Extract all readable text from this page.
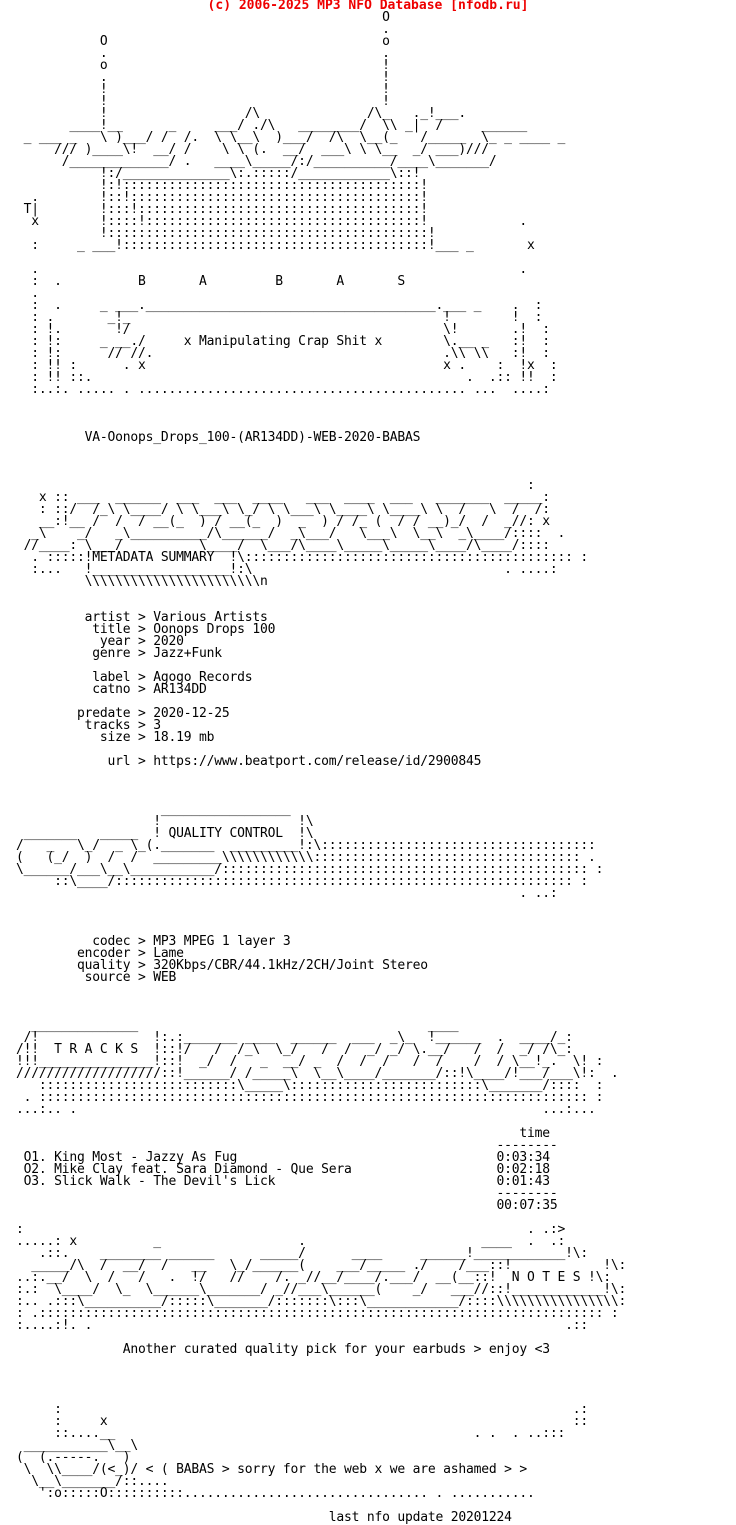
(c) 2006-2025 MP3 NFO Database [nfodb.ru]
O
.
O                                    o
.                                    .
o                                    !
.                                    !
!                                    !
!                                    !
!                  /\              /\_   ._!___.
____!__      _     ___/ ./\   ________/  \\ _|  /     ______
_ ___ _   \ )___/ /  /.  \ \__\  )___/  /\  \__(_   /_____  \_ _ ____ _
/// )____\!  __/ /    \ \ (.  __/  ___\ \ \__  _/ ___)///
/_____________/ .   ____\_____/:/__________/____\_______/
!:/______________\:.:::::/____________\::!
!:!:::::::::::::::::::::::::::::::::::::::!
.        !::!::::::::::::::::::::::::::::::::::::::!
T|        !:::!:::::::::::::::::::::::::::::::::::::!
x        !::::!::::::::::::::::::::::::::::::::::::!            .
!::::::::::::::::::::::::::::::::::::::::::!
:     _ ___!::::::::::::::::::::::::::::::::::::::::!___ _       x

.                                                               .
:  .          B       A         B       A       S
.
:  .     _ ___.______________________________________.___ _    .  :
: .       _!_                                         !        !  :
: !.       !/                                         \!       .!  :
: !:     _ __./     x Manipulating Crap Shit x        \.__ _   :!  :
: !:      // //.                                      .\\ \\   :!  :
: !! :      . x                                       x .    :  !x  :
: !! ::.                                                 .  .:: !!  :
:..:. ..... . ........................................... ...  ....:

VA-Oonops_Drops_100-(AR134DD)-WEB-2020-BABAS

:
x :: ___  ______  ___  ___  ____   ___  ____  ___   _______  _____:
: ::/  /_\ \____/ \ \___\ \_/ \ \___\ \____\ \____\ \  /   \  /  /:
__:!__ /  /  / __(_  ) / __(_  )  _  ) / /_ (  / / __)_/  /  _//: x
_\    _/   _\__________/\______/  _\___/   \___\  \__\  _\____/::::  .
//____: \___/          \____/  \___/\____\_____\_____\____/\____/::::
. :::::!METADATA SUMMARY  !\::::::::::::::::::::::::::::::::::::::::::: :
:...   !__________________!:\                                 . ....:
\\\\\\\\\\\\\\\\\\\\\\\n

artist > Various Artists
title > Oonops Drops 100
year > 2020
genre > Jazz+Funk

label > Agogo Records
catno > AR134DD

predate > 2020-12-25
tracks > 3
size > 18.19 mb

url > https://www.beatport.com/release/id/2900845

_________________
!                  !\
_______   _____  ! QUALITY CONTROL  !\
/   _   \_/  _ \_(._______  _________!:\::::::::::::::::::::::::::::::::::::
(   (_/  )  /  /  _________\\\\\\\\\\\\::::::::::::::::::::::::::::::::::: .
\______/___\__\___________/:::::::::::::::::::::::::::::::::::::::::::::::: :
::\____/:::::::::::::::::::::::::::::::::::::::::::::::::::::::::::: :
. ..:

codec > MP3 MPEG 1 layer 3
encoder > Lame
quality > 320Kbps/CBR/44.1kHz/2CH/Joint Stereo
source > WEB

______________                                      ____
/!               !:.:_______ ____  ______  ___  _\_  !______  .  ____/_:
/!!  T R A C K S  !::!/   /  /_\  \_/   /  /  _/ _/ \.__/   /  /  _/ /\_:
!!!_______________!::!  _/  /   _  __/ _  /  /  /   /  /    /  / \__!_.  \! :
///////////////////::!______/ /_____\  \__\____/_______/::!\____/!___/___\!:  .
::::::::::::::::::::::::::\_____\:::::::::::::::::::::::::\_______/::::  :
. :::::::::::::::::::::::::::::::::::::::::::::::::::::::::::::::::::::::: :
...:.. .                                                             ...:...

time
--------
O1. King Most - Jazzy As Fug                                  0:03:34
O2. Mike Clay feat. Sara Diamond - Que Sera                   0:02:18
O3. Slick Walk - The Devil's Lick                             0:01:43
--------
00:07:35

:                                                                  . .:>
.....: x          _                  .                       ____  .  .:
.::.    ________ ______      _____/      ____     ______!____________!\:
_____/\  /  __/  /   __   \_/______(    ___/_____ ./    /___::!            !\:
..:.__/  \  /   /   .  !/   //    /. _//__/____/.___/  __(__::!  N O T E S !\:
:.:  \____/  \_  \______\_______/ _//___\______(    _/   ___//::!____________!\:
:.. .:::\__________/:::::\_______/:::::::\:::\____________/::::\\\\\\\\\\\\\\\\:
: .:::::::::::::::::::::::::::::::::::::::::::::::::::::::::::::::::::::::::: :
:....:!. .                                                              .::

Another curated quality pick for your earbuds > enjoy <3

:                                                                   .:
:     x                                                             ::
::....__                                               . .  . ..:::
___________\__\
(  (.-----.   )
\  \\____/(<_)/ < ( BABAS > sorry for the web x we are ashamed > >
\__\_______/::....
':o:::::O::::::::::................................ . ...........

last nfo update 20201224
